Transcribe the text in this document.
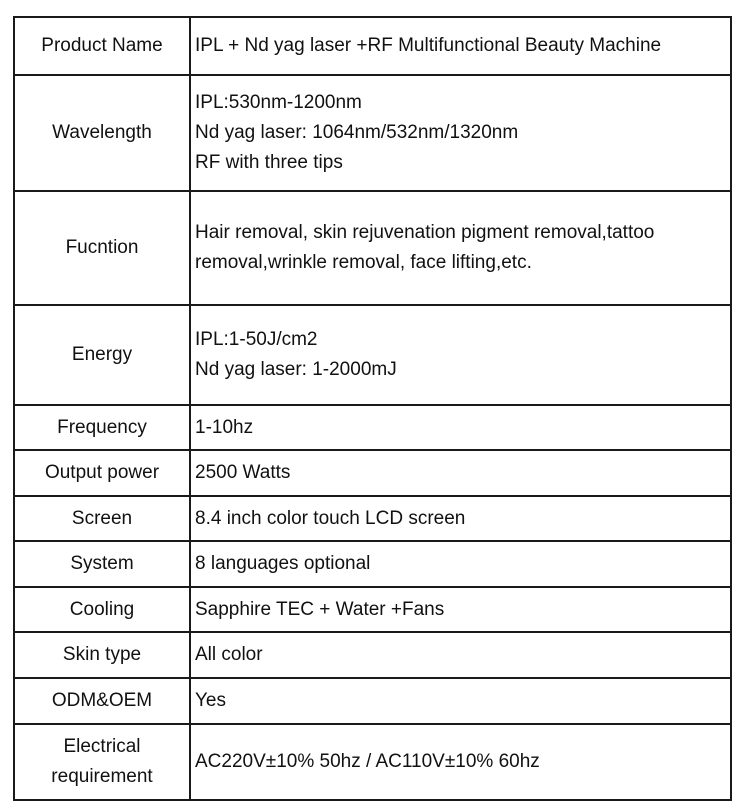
Product Name	IPL + Nd yag laser +RF Multifunctional Beauty Machine

Wavelength	IPL:530nm-1200nm
Nd yag laser: 1064nm/532nm/1320nm
RF with three tips

Fucntion	Hair removal, skin rejuvenation pigment removal,tattoo
removal,wrinkle removal, face lifting,etc.

Energy	IPL:1-50J/cm2
Nd yag laser: 1-2000mJ

Frequency	1-10hz

Output power	2500 Watts

Screen	8.4 inch color touch LCD screen

System	8 languages optional

Cooling	Sapphire TEC + Water +Fans

Skin type	All color

ODM&OEM	Yes

Electrical requirement	AC220V±10% 50hz / AC110V±10% 60hz
